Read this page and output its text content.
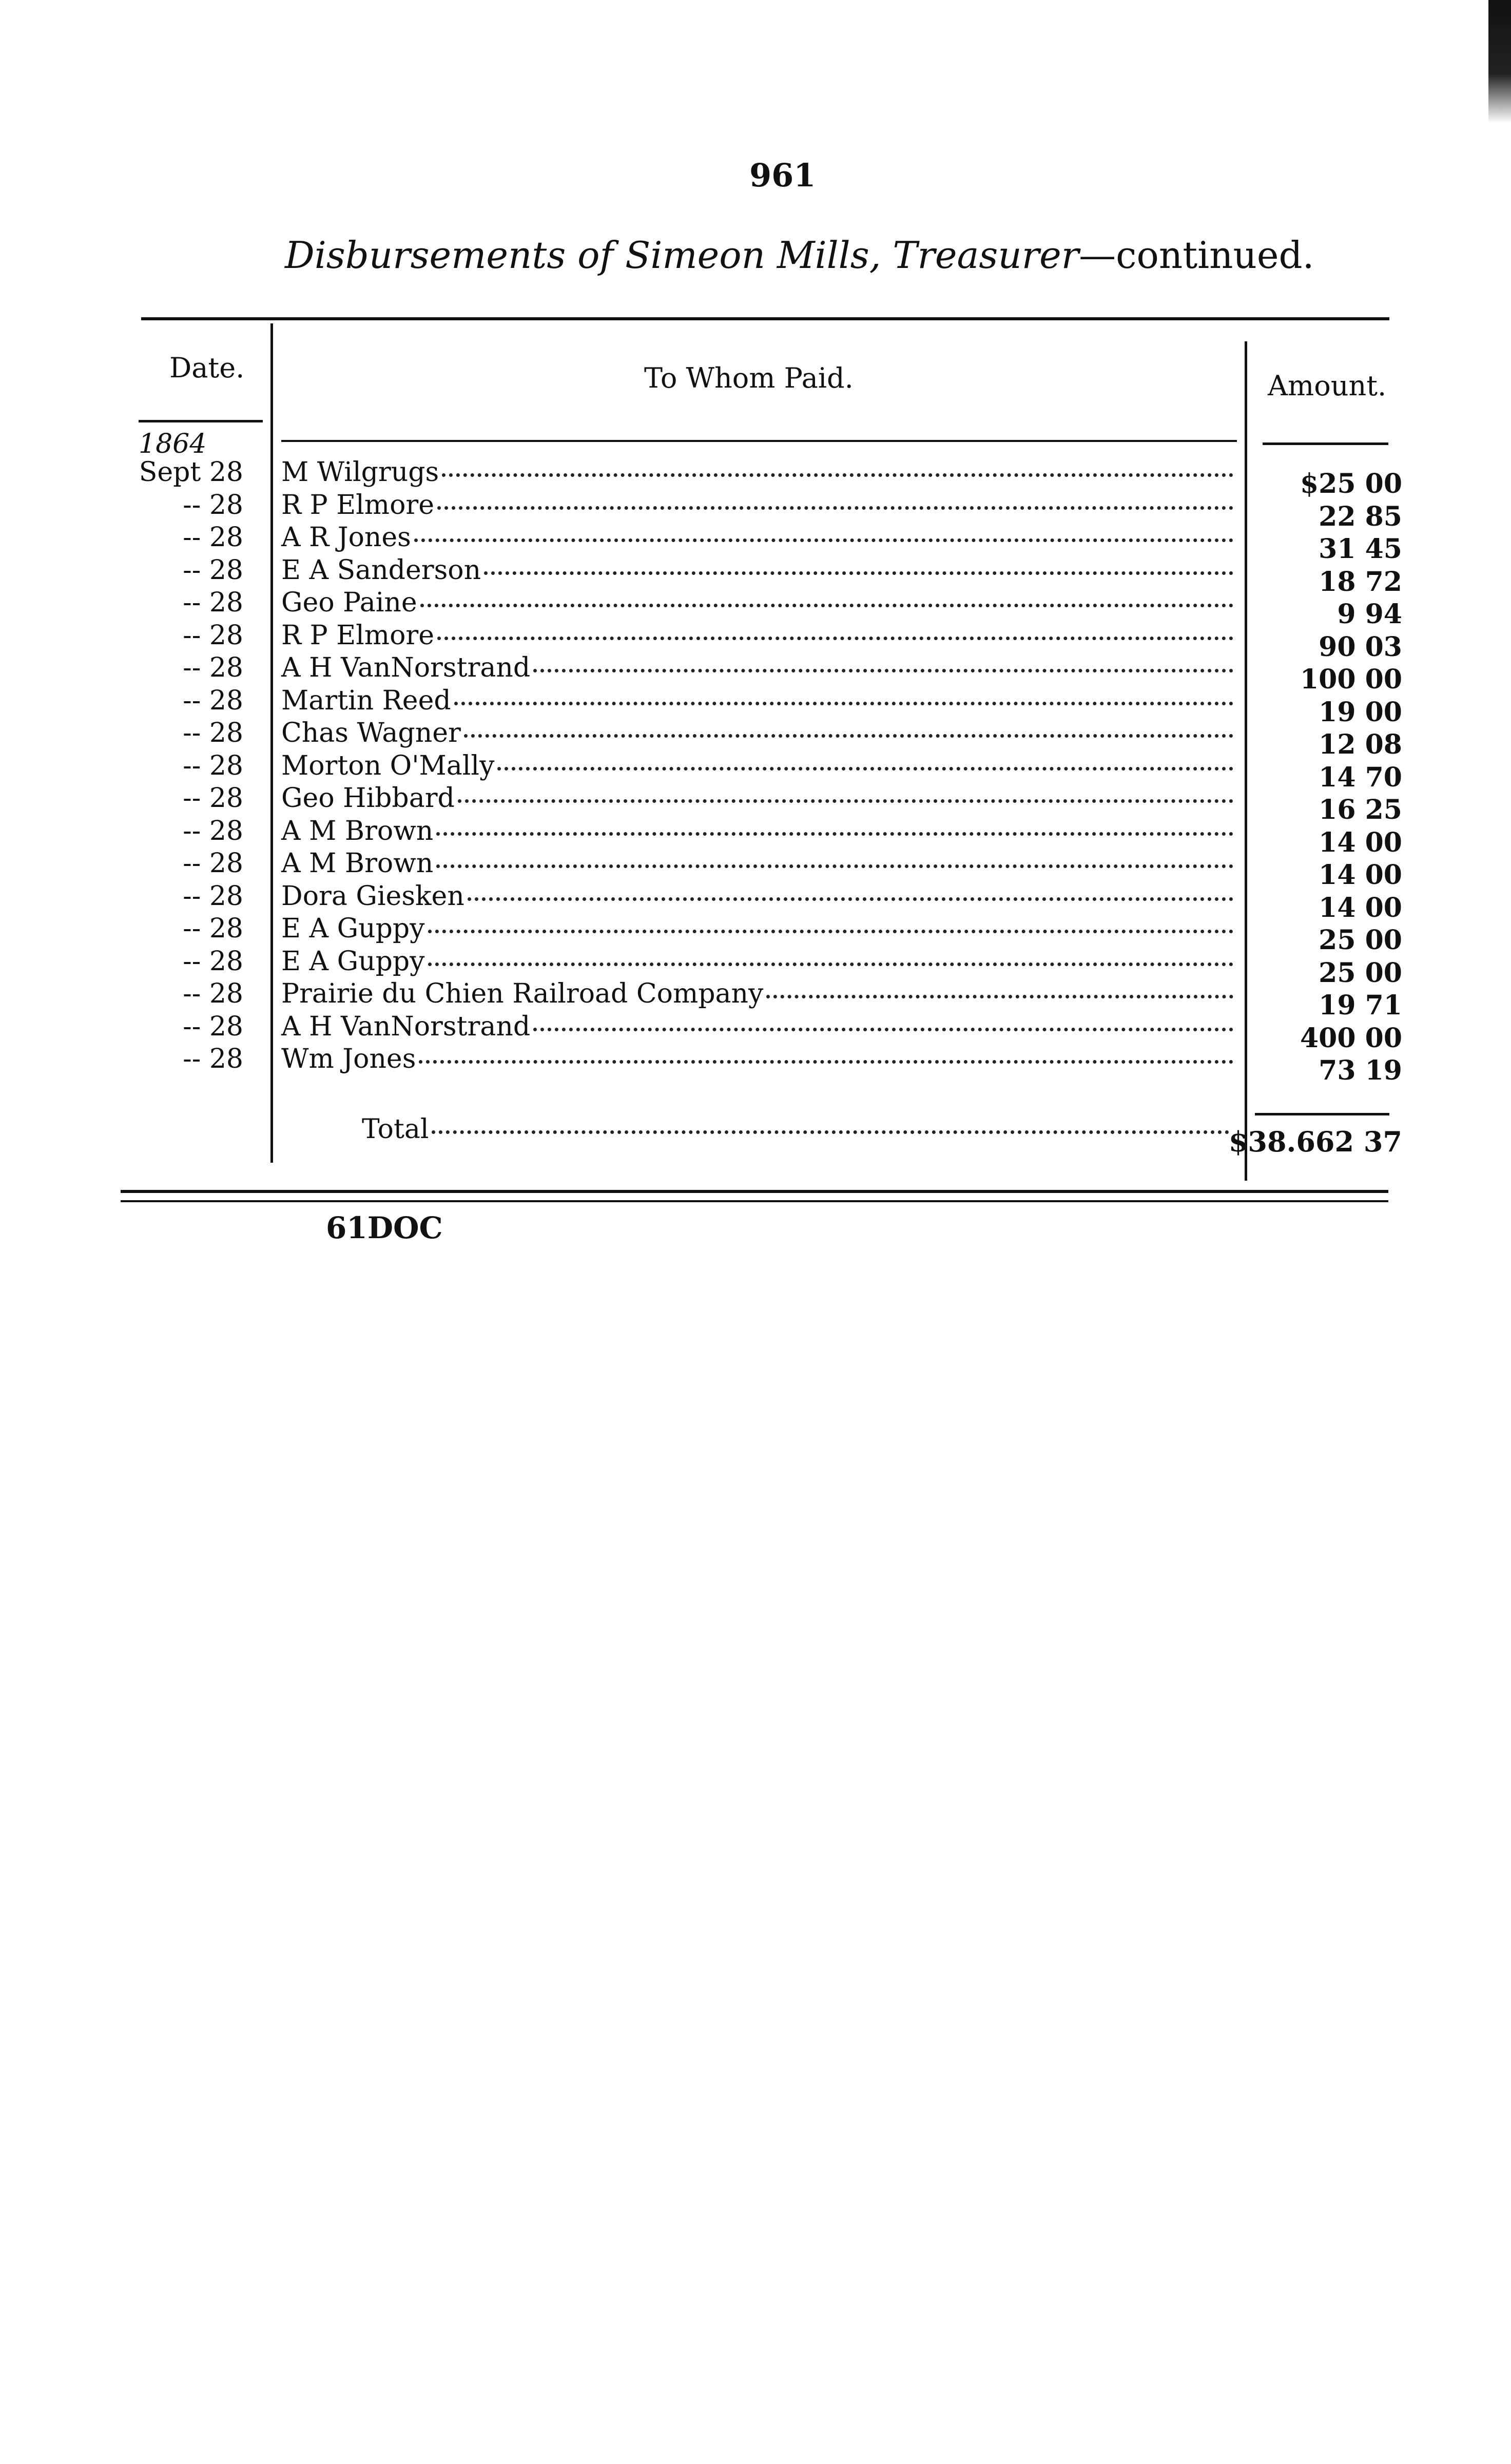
961
Disbursements of Simeon Mills, Treasurer—continued.
Date.	To Whom Paid.	Amount.
1864
Sept 28 M Wilgrugs	$25 00
-- 28 R P Elmore	22 85
-- 28 A R Jones	31 45
-- 28 E A Sanderson	18 72
-- 28 Geo Paine	9 94
-- 28 R P Elmore	90 03
-- 28 A H VanNorstrand	100 00
-- 28 Martin Reed	19 00
-- 28 Chas Wagner	12 08
-- 28 Morton O'Mally	14 70
-- 28 Geo Hibbard	16 25
-- 28 A M Brown	14 00
-- 28 A M Brown	14 00
-- 28 Dora Giesken	14 00
-- 28 E A Guppy	25 00
-- 28 E A Guppy	25 00
-- 28 Prairie du Chien Railroad Company	19 71
-- 28 A H VanNorstrand	400 00
-- 28 Wm Jones	73 19
Total	$38.662 37
61DOC
